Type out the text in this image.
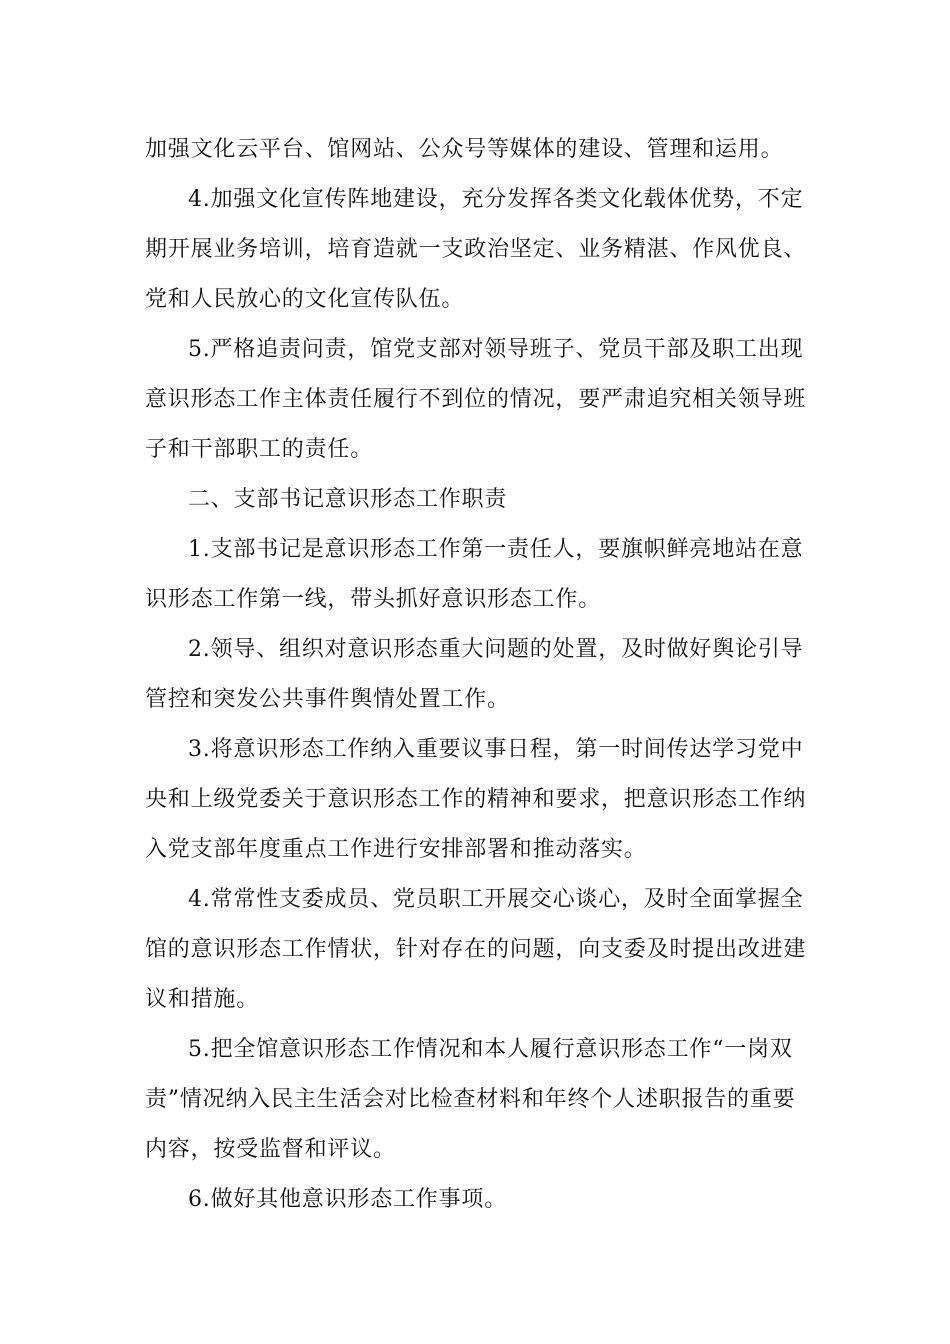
加强文化云平台、馆网站、公众号等媒体的建设、管理和运用。
4.加强文化宣传阵地建设，充分发挥各类文化载体优势，不定
期开展业务培训，培育造就一支政治坚定、业务精湛、作风优良、
党和人民放心的文化宣传队伍。
5.严格追责问责，馆党支部对领导班子、党员干部及职工出现
意识形态工作主体责任履行不到位的情况，要严肃追究相关领导班
子和干部职工的责任。
二、支部书记意识形态工作职责
1.支部书记是意识形态工作第一责任人，要旗帜鲜亮地站在意
识形态工作第一线，带头抓好意识形态工作。
2.领导、组织对意识形态重大问题的处置，及时做好舆论引导
管控和突发公共事件舆情处置工作。
3.将意识形态工作纳入重要议事日程，第一时间传达学习党中
央和上级党委关于意识形态工作的精神和要求，把意识形态工作纳
入党支部年度重点工作进行安排部署和推动落实。
4.常常性支委成员、党员职工开展交心谈心，及时全面掌握全
馆的意识形态工作情状，针对存在的问题，向支委及时提出改进建
议和措施。
5.把全馆意识形态工作情况和本人履行意识形态工作“一岗双
责”情况纳入民主生活会对比检查材料和年终个人述职报告的重要
内容，按受监督和评议。
6.做好其他意识形态工作事项。
